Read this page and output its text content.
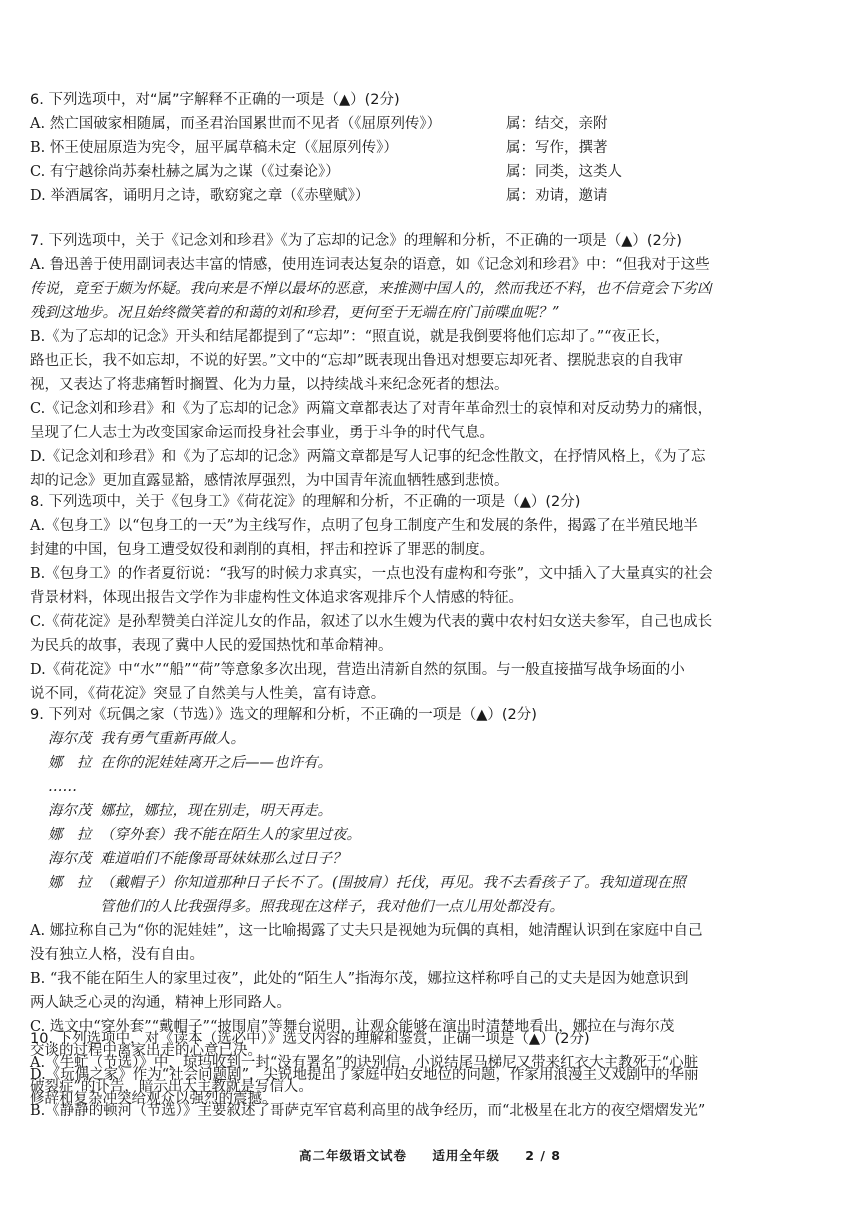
6. 下列选项中，对“属”字解释不正确的一项是（▲）(2分)
A. 然亡国破家相随属，而圣君治国累世而不见者（《屈原列传》）	属：结交，亲附
B. 怀王使屈原造为宪令，屈平属草稿未定（《屈原列传》）	属：写作，撰著
C. 有宁越徐尚苏秦杜赫之属为之谋（《过秦论》）	属：同类，这类人
D. 举酒属客，诵明月之诗，歌窈窕之章（《赤壁赋》）	属：劝请，邀请
7. 下列选项中，关于《记念刘和珍君》《为了忘却的记念》的理解和分析，不正确的一项是（▲）(2分)
A. 鲁迅善于使用副词表达丰富的情感，使用连词表达复杂的语意，如《记念刘和珍君》中：“但我对于这些
传说，竟至于颇为怀疑。我向来是不惮以最坏的恶意，来推测中国人的，然而我还不料，也不信竟会下劣凶
残到这地步。况且始终微笑着的和蔼的刘和珍君，更何至于无端在府门前喋血呢？”
B.《为了忘却的记念》开头和结尾都提到了“忘却”：“照直说，就是我倒要将他们忘却了。”“夜正长，
路也正长，我不如忘却，不说的好罢。”文中的“忘却”既表现出鲁迅对想要忘却死者、摆脱悲哀的自我审
视，又表达了将悲痛暂时搁置、化为力量，以持续战斗来纪念死者的想法。
C.《记念刘和珍君》和《为了忘却的记念》两篇文章都表达了对青年革命烈士的哀悼和对反动势力的痛恨，
呈现了仁人志士为改变国家命运而投身社会事业，勇于斗争的时代气息。
D.《记念刘和珍君》和《为了忘却的记念》两篇文章都是写人记事的纪念性散文，在抒情风格上，《为了忘
却的记念》更加直露显豁，感情浓厚强烈，为中国青年流血牺牲感到悲愤。
8. 下列选项中，关于《包身工》《荷花淀》的理解和分析，不正确的一项是（▲）(2分)
A.《包身工》以“包身工的一天”为主线写作，点明了包身工制度产生和发展的条件，揭露了在半殖民地半
封建的中国，包身工遭受奴役和剥削的真相，抨击和控诉了罪恶的制度。
B.《包身工》的作者夏衍说：“我写的时候力求真实，一点也没有虚构和夸张”，文中插入了大量真实的社会
背景材料，体现出报告文学作为非虚构性文体追求客观排斥个人情感的特征。
C.《荷花淀》是孙犁赞美白洋淀儿女的作品，叙述了以水生嫂为代表的冀中农村妇女送夫参军，自己也成长
为民兵的故事，表现了冀中人民的爱国热忱和革命精神。
D.《荷花淀》中“水”“船”“荷”等意象多次出现，营造出清新自然的氛围。与一般直接描写战争场面的小
说不同，《荷花淀》突显了自然美与人性美，富有诗意。
9. 下列对《玩偶之家（节选）》选文的理解和分析，不正确的一项是（▲）(2分)
海尔茂 我有勇气重新再做人。
娜　拉 在你的泥娃娃离开之后——也许有。
……
海尔茂 娜拉，娜拉，现在别走，明天再走。
娜　拉 （穿外套）我不能在陌生人的家里过夜。
海尔茂 难道咱们不能像哥哥妹妹那么过日子？
娜　拉 （戴帽子）你知道那种日子长不了。(围披肩）托伐，再见。我不去看孩子了。我知道现在照
管他们的人比我强得多。照我现在这样子，我对他们一点儿用处都没有。
A. 娜拉称自己为“你的泥娃娃”，这一比喻揭露了丈夫只是视她为玩偶的真相，她清醒认识到在家庭中自己
没有独立人格，没有自由。
B. “我不能在陌生人的家里过夜”，此处的“陌生人”指海尔茂，娜拉这样称呼自己的丈夫是因为她意识到
两人缺乏心灵的沟通，精神上形同路人。
C. 选文中“穿外套”“戴帽子”“披围肩”等舞台说明，让观众能够在演出时清楚地看出，娜拉在与海尔茂
交谈的过程中离家出走的心意已决。
D.《玩偶之家》作为“社会问题剧”，尖锐地提出了家庭中妇女地位的问题，作家用浪漫主义戏剧中的华丽
修辞和复杂冲突给观众以强烈的震撼。
10. 下列选项中，对《读本（选必中）》选文内容的理解和鉴赏，正确一项是（▲）(2分)
A.《牛虻（节选）》中，琼玛收到一封“没有署名”的诀别信，小说结尾马梯尼又带来红衣大主教死于“心脏
破裂症”的讣告，暗示出大主教就是写信人。
B.《静静的顿河（节选）》主要叙述了哥萨克军官葛利高里的战争经历，而“北极星在北方的夜空熠熠发光”
高二年级语文试卷 适用全年级 2 / 8
